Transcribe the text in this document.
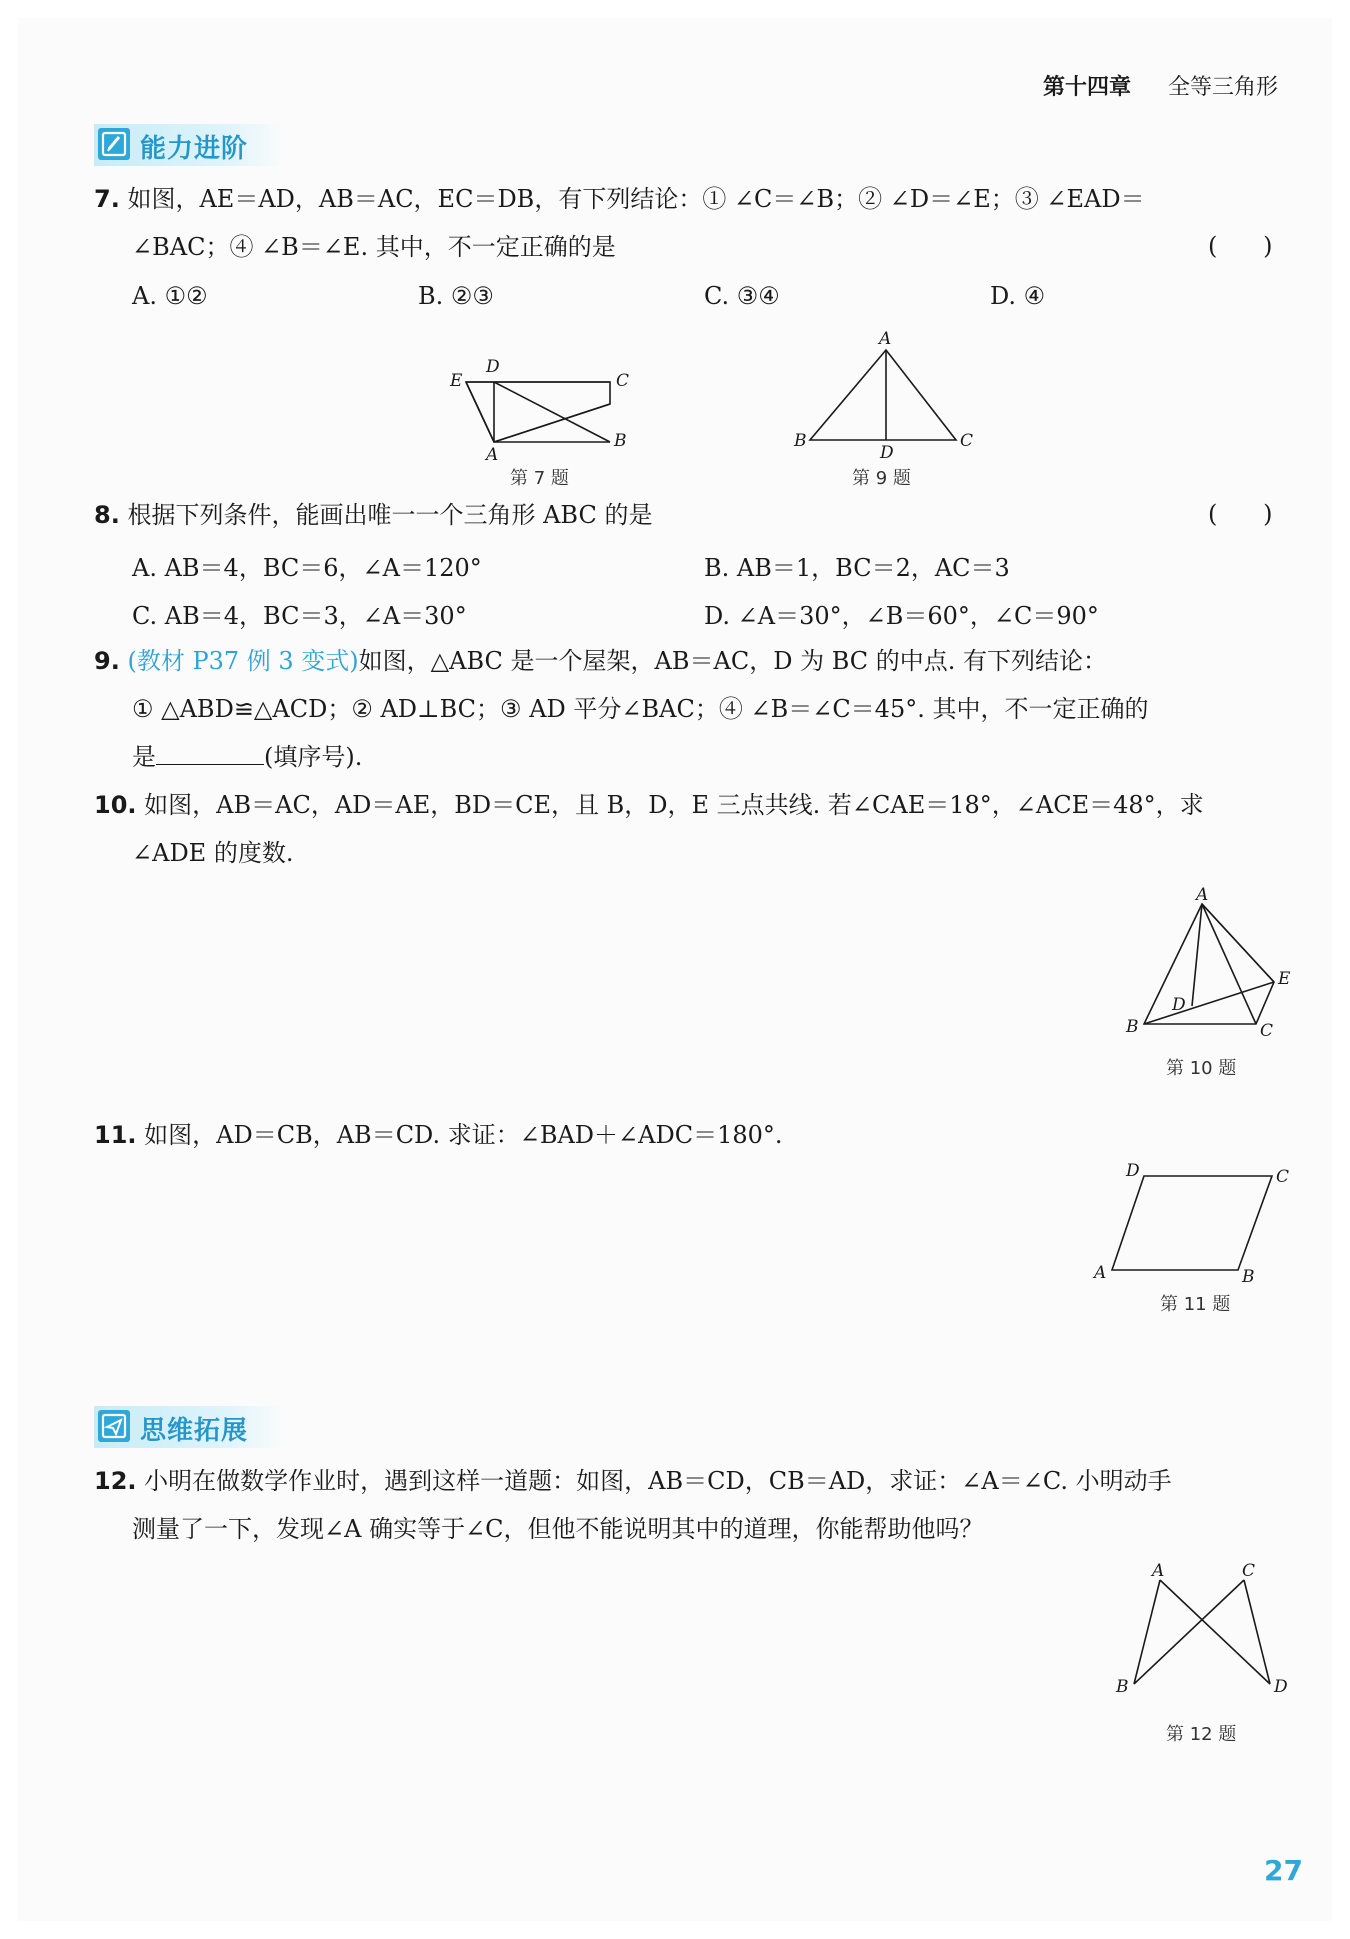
第十四章 全等三角形
能力进阶
7. 如图，AE＝AD，AB＝AC，EC＝DB，有下列结论：① ∠C＝∠B；② ∠D＝∠E；③ ∠EAD＝
∠BAC；④ ∠B＝∠E. 其中，不一定正确的是	(      )
A. ①②	B. ②③	C. ③④	D. ④
E
D
C
A
B
第 7 题
A
B
D
C
第 9 题
8. 根据下列条件，能画出唯一一个三角形 ABC 的是	(      )
A. AB＝4，BC＝6，∠A＝120°	B. AB＝1，BC＝2，AC＝3
C. AB＝4，BC＝3，∠A＝30°	D. ∠A＝30°，∠B＝60°，∠C＝90°
9. (教材 P37 例 3 变式)如图，△ABC 是一个屋架，AB＝AC，D 为 BC 的中点. 有下列结论：
① △ABD≌△ACD；② AD⊥BC；③ AD 平分∠BAC；④ ∠B＝∠C＝45°. 其中，不一定正确的
是	(填序号).
10. 如图，AB＝AC，AD＝AE，BD＝CE，且 B，D，E 三点共线. 若∠CAE＝18°，∠ACE＝48°，求
∠ADE 的度数.
A
E
D
B	C
第 10 题
11. 如图，AD＝CB，AB＝CD. 求证：∠BAD＋∠ADC＝180°.
D	C
A	B
第 11 题
思维拓展
12. 小明在做数学作业时，遇到这样一道题：如图，AB＝CD，CB＝AD，求证：∠A＝∠C. 小明动手
测量了一下，发现∠A 确实等于∠C，但他不能说明其中的道理，你能帮助他吗？
A	C
B	D
第 12 题
27
